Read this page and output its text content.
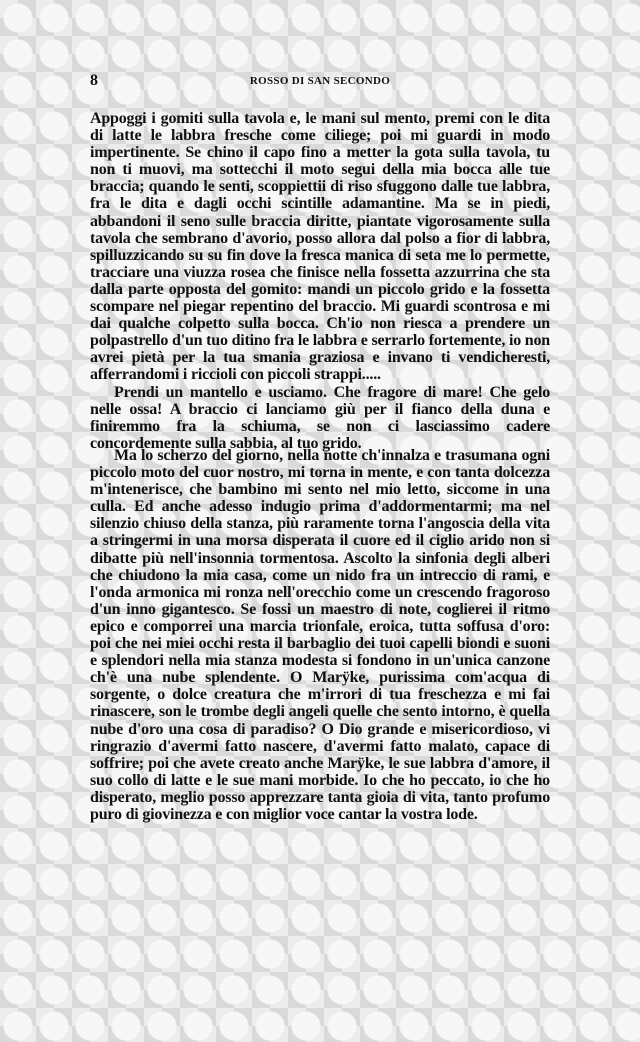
8	ROSSO DI SAN SECONDO

Appoggi i gomiti sulla tavola e, le mani sul mento, premi con le dita di latte le labbra fresche come ciliege; poi mi guardi in modo impertinente. Se chino il capo fino a metter la gota sulla tavola, tu non ti muovi, ma sottecchi il moto segui della mia bocca alle tue braccia; quando le senti, scoppiettii di riso sfuggono dalle tue labbra, fra le dita e dagli occhi scintille adamantine. Ma se in piedi, abbandoni il seno sulle braccia diritte, piantate vigorosamente sulla tavola che sembrano d'avorio, posso allora dal polso a fior di labbra, spilluzzicando su su fin dove la fresca manica di seta me lo permette, tracciare una viuzza rosea che finisce nella fossetta azzurrina che sta dalla parte opposta del gomito: mandi un piccolo grido e la fossetta scompare nel piegar repentino del braccio. Mi guardi scontrosa e mi dai qualche colpetto sulla bocca. Ch'io non riesca a prendere un polpastrello d'un tuo ditino fra le labbra e serrarlo fortemente, io non avrei pietà per la tua smania graziosa e invano ti vendicheresti, afferrandomi i riccioli con piccoli strappi.....

Prendi un mantello e usciamo. Che fragore di mare! Che gelo nelle ossa! A braccio ci lanciamo giù per il fianco della duna e finiremmo fra la schiuma, se non ci lasciassimo cadere concordemente sulla sabbia, al tuo grido.

Ma lo scherzo del giorno, nella notte ch'innalza e trasumana ogni piccolo moto del cuor nostro, mi torna in mente, e con tanta dolcezza m'intenerisce, che bambino mi sento nel mio letto, siccome in una culla. Ed anche adesso indugio prima d'addormentarmi; ma nel silenzio chiuso della stanza, più raramente torna l'angoscia della vita a stringermi in una morsa disperata il cuore ed il ciglio arido non si dibatte più nell'insonnia tormentosa. Ascolto la sinfonia degli alberi che chiudono la mia casa, come un nido fra un intreccio di rami, e l'onda armonica mi ronza nell'orecchio come un crescendo fragoroso d'un inno gigantesco. Se fossi un maestro di note, coglierei il ritmo epico e comporrei una marcia trionfale, eroica, tutta soffusa d'oro: poi che nei miei occhi resta il barbaglio dei tuoi capelli biondi e suoni e splendori nella mia stanza modesta si fondono in un'unica canzone ch'è una nube splendente. O Marÿke, purissima com'acqua di sorgente, o dolce creatura che m'irrori di tua freschezza e mi fai rinascere, son le trombe degli angeli quelle che sento intorno, è quella nube d'oro una cosa di paradiso? O Dio grande e misericordioso, vi ringrazio d'avermi fatto nascere, d'avermi fatto malato, capace di soffrire; poi che avete creato anche Marÿke, le sue labbra d'amore, il suo collo di latte e le sue mani morbide. Io che ho peccato, io che ho disperato, meglio posso apprezzare tanta gioia di vita, tanto profumo puro di giovinezza e con miglior voce cantar la vostra lode.
